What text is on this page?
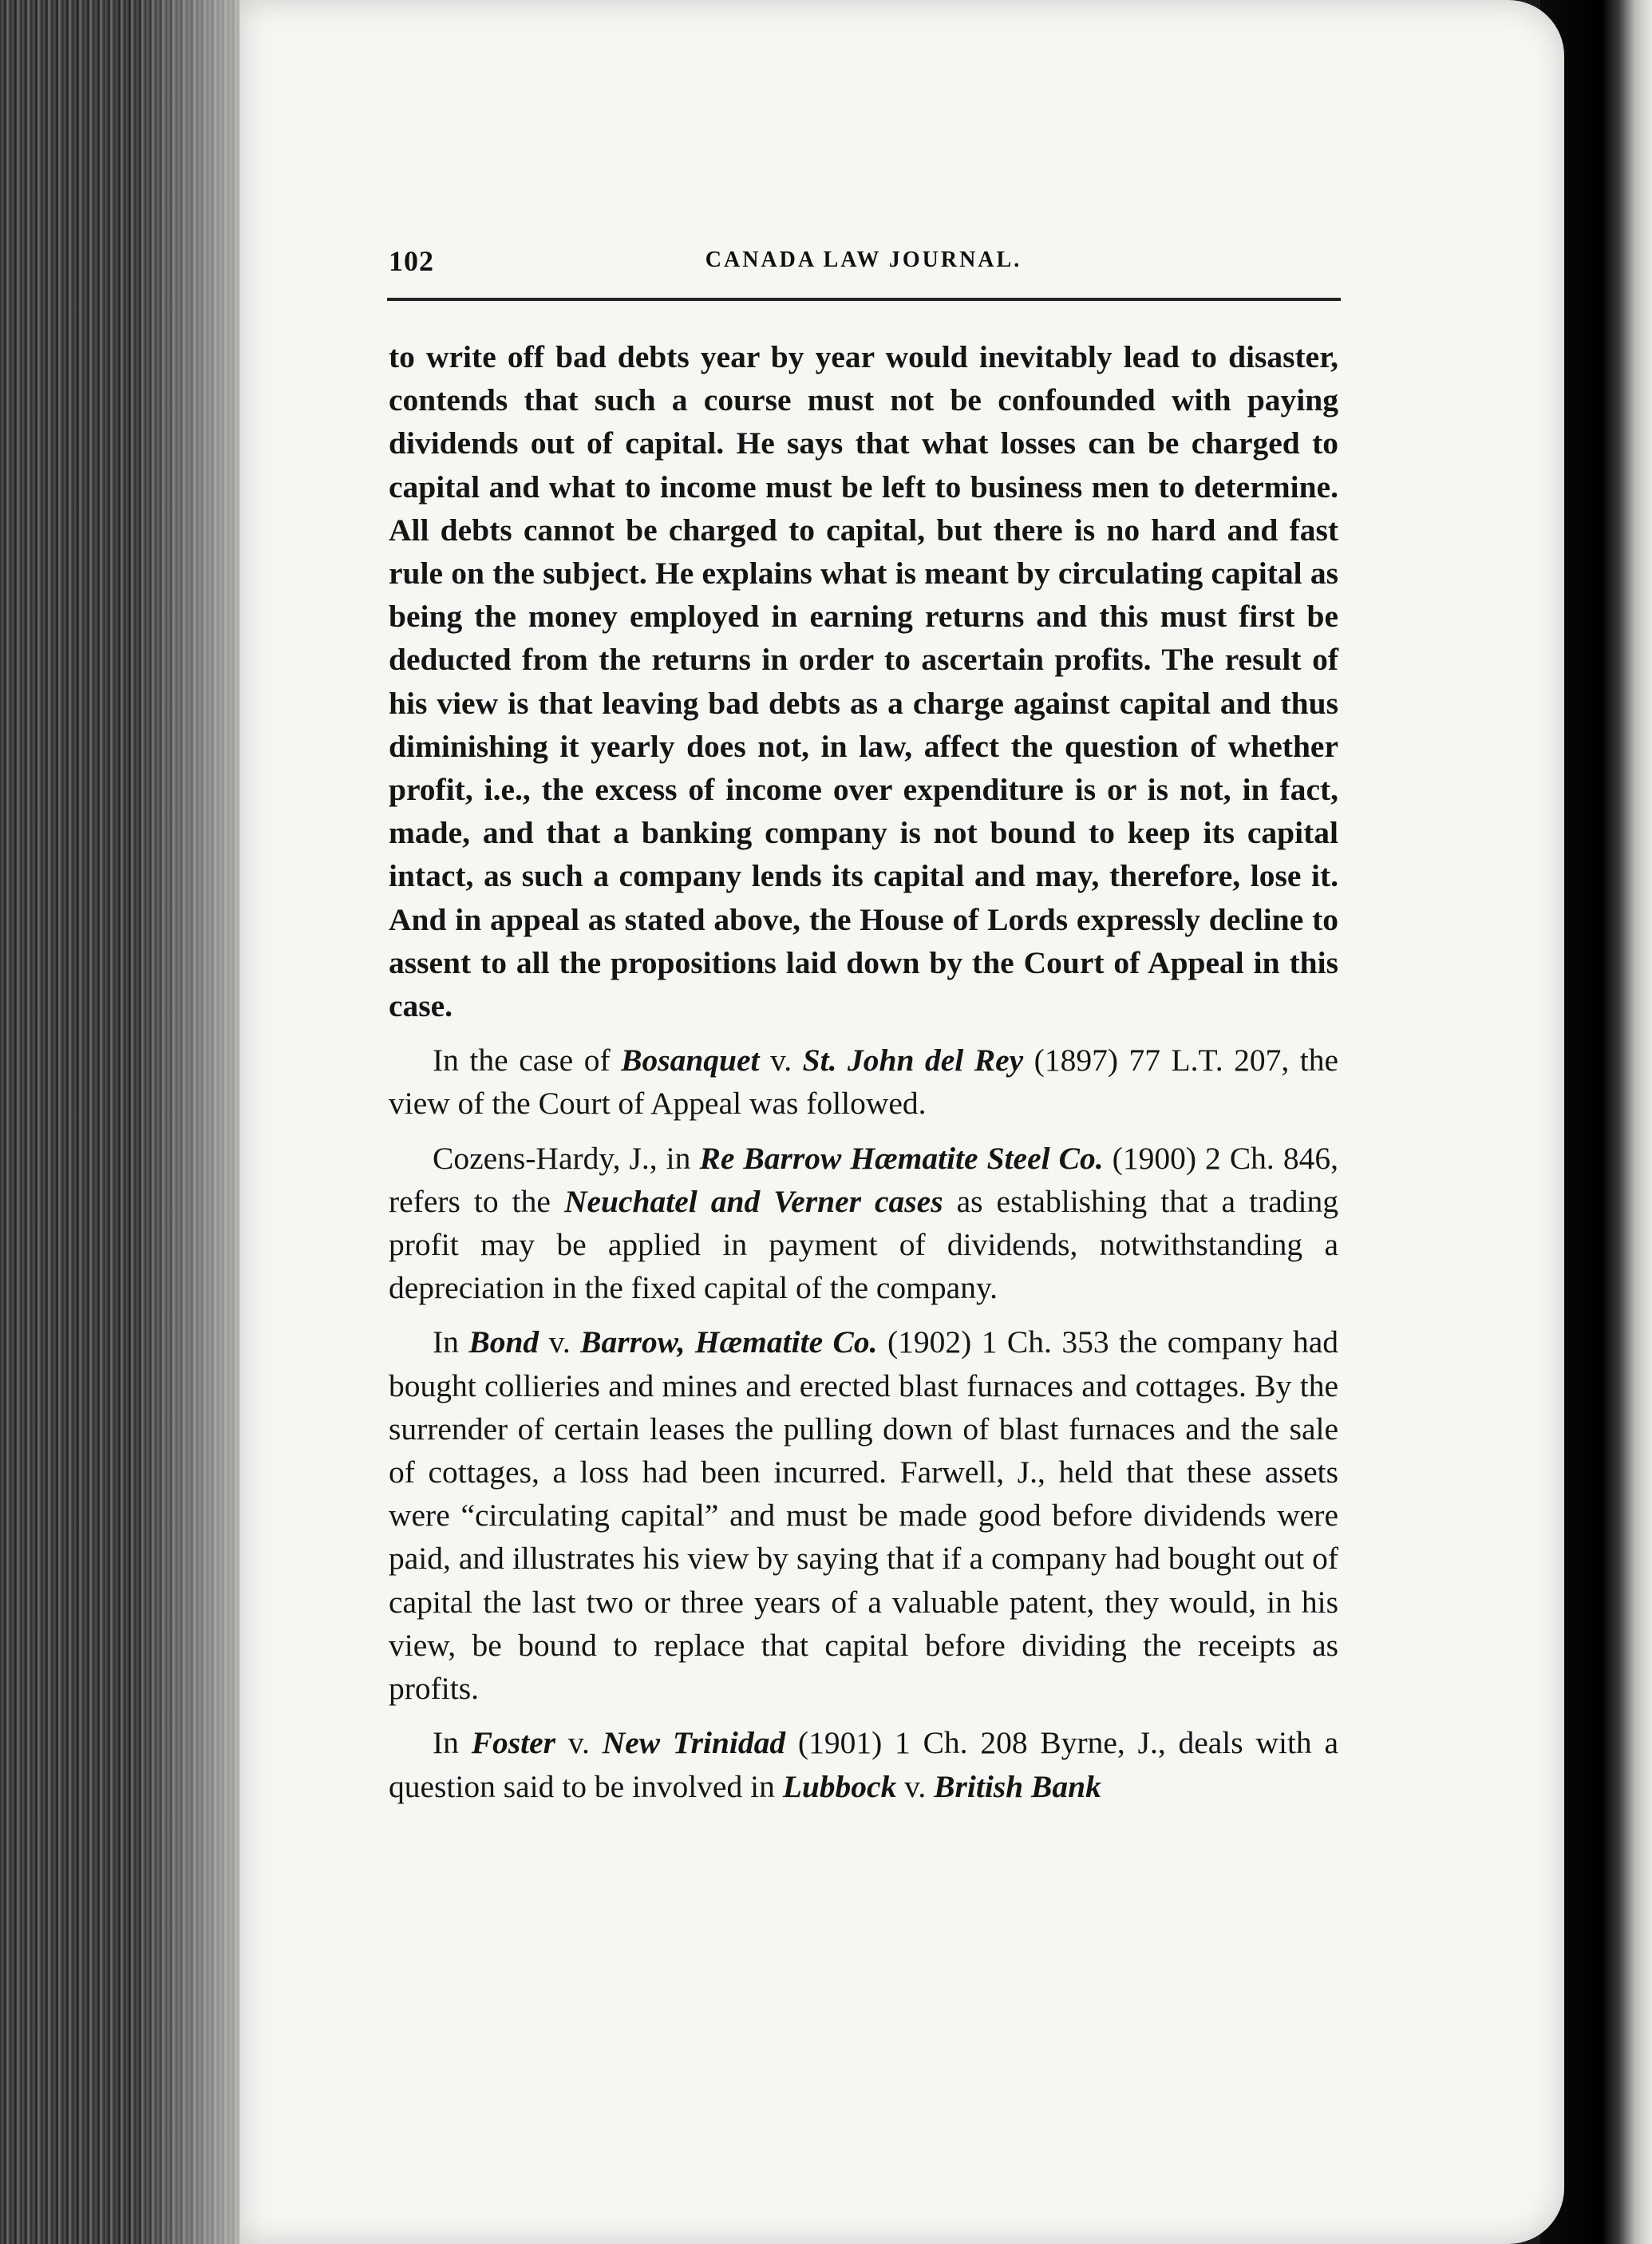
102	CANADA LAW JOURNAL.

to write off bad debts year by year would inevitably lead to disaster, contends that such a course must not be confounded with paying dividends out of capital. He says that what losses can be charged to capital and what to income must be left to business men to determine. All debts cannot be charged to capital, but there is no hard and fast rule on the subject. He explains what is meant by circulating capital as being the money employed in earning returns and this must first be deducted from the returns in order to ascertain profits. The result of his view is that leaving bad debts as a charge against capital and thus diminishing it yearly does not, in law, affect the question of whether profit, i.e., the excess of income over expenditure is or is not, in fact, made, and that a banking company is not bound to keep its capital intact, as such a company lends its capital and may, therefore, lose it. And in appeal as stated above, the House of Lords expressly decline to assent to all the propositions laid down by the Court of Appeal in this case.

In the case of Bosanquet v. St. John del Rey (1897) 77 L.T. 207, the view of the Court of Appeal was followed.

Cozens-Hardy, J., in Re Barrow Hæmatite Steel Co. (1900) 2 Ch. 846, refers to the Neuchatel and Verner cases as establishing that a trading profit may be applied in payment of dividends, notwithstanding a depreciation in the fixed capital of the company.

In Bond v. Barrow, Hæmatite Co. (1902) 1 Ch. 353 the company had bought collieries and mines and erected blast furnaces and cottages. By the surrender of certain leases the pulling down of blast furnaces and the sale of cottages, a loss had been incurred. Farwell, J., held that these assets were “circulating capital” and must be made good before dividends were paid, and illustrates his view by saying that if a company had bought out of capital the last two or three years of a valuable patent, they would, in his view, be bound to replace that capital before dividing the receipts as profits.

In Foster v. New Trinidad (1901) 1 Ch. 208 Byrne, J., deals with a question said to be involved in Lubbock v. British Bank
